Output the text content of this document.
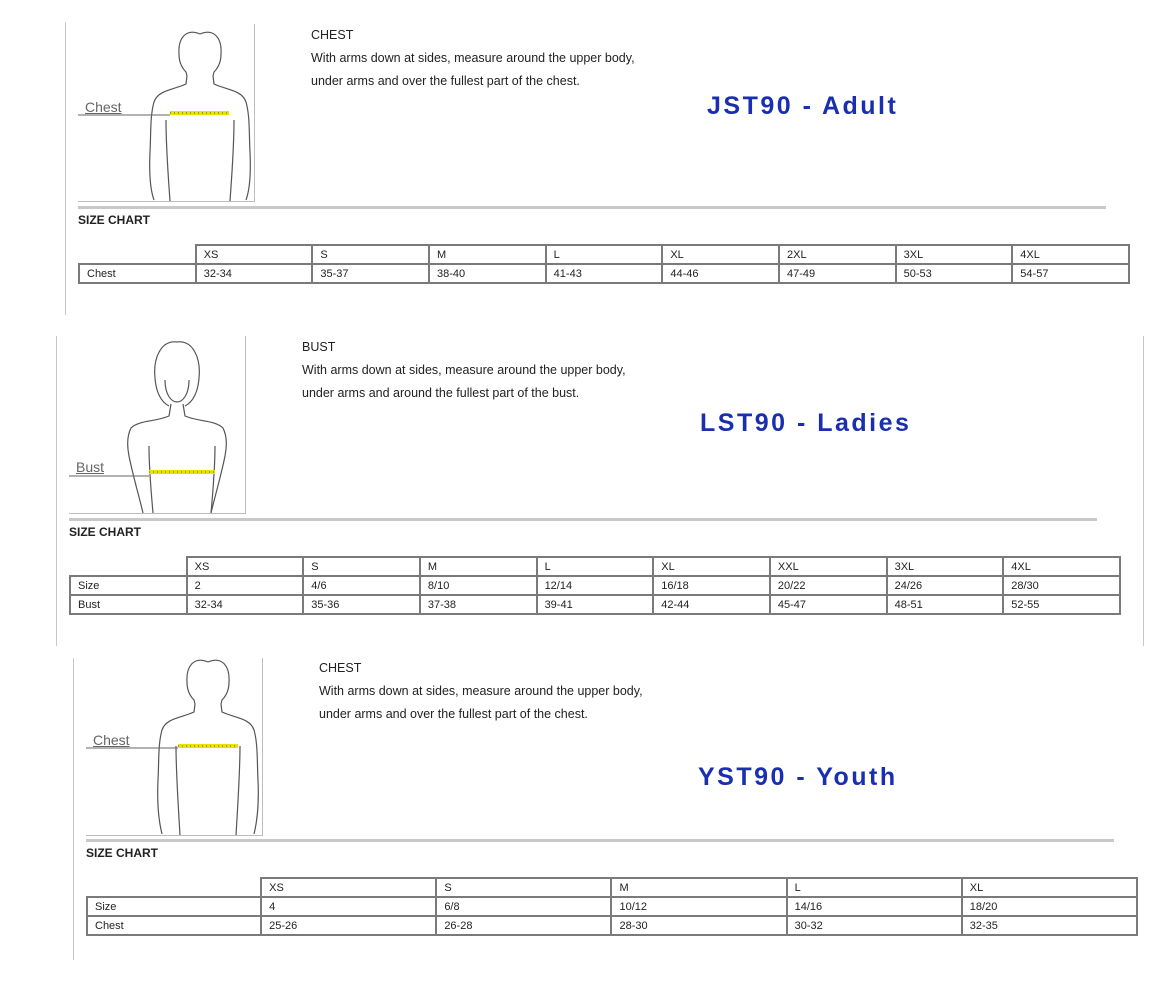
Chest
CHEST
With arms down at sides, measure around the upper body,
under arms and over the fullest part of the chest.
JST90 - Adult
SIZE CHART
	XS	S	M	L	XL	2XL	3XL	4XL
Chest	32-34	35-37	38-40	41-43	44-46	47-49	50-53	54-57
Bust
BUST
With arms down at sides, measure around the upper body,
under arms and around the fullest part of the bust.
LST90 - Ladies
SIZE CHART
	XS	S	M	L	XL	XXL	3XL	4XL
Size	2	4/6	8/10	12/14	16/18	20/22	24/26	28/30
Bust	32-34	35-36	37-38	39-41	42-44	45-47	48-51	52-55
Chest
CHEST
With arms down at sides, measure around the upper body,
under arms and over the fullest part of the chest.
YST90 - Youth
SIZE CHART
	XS	S	M	L	XL
Size	4	6/8	10/12	14/16	18/20
Chest	25-26	26-28	28-30	30-32	32-35
